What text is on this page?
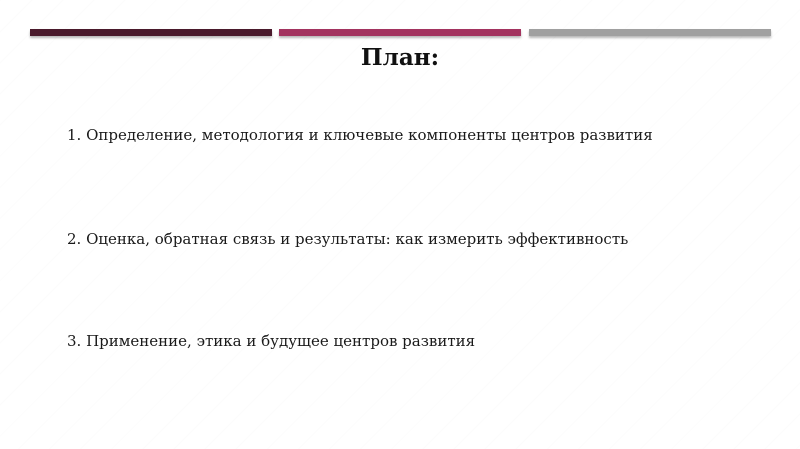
План:
1. Определение, методология и ключевые компоненты центров развития
2. Оценка, обратная связь и результаты: как измерить эффективность
3. Применение, этика и будущее центров развития
